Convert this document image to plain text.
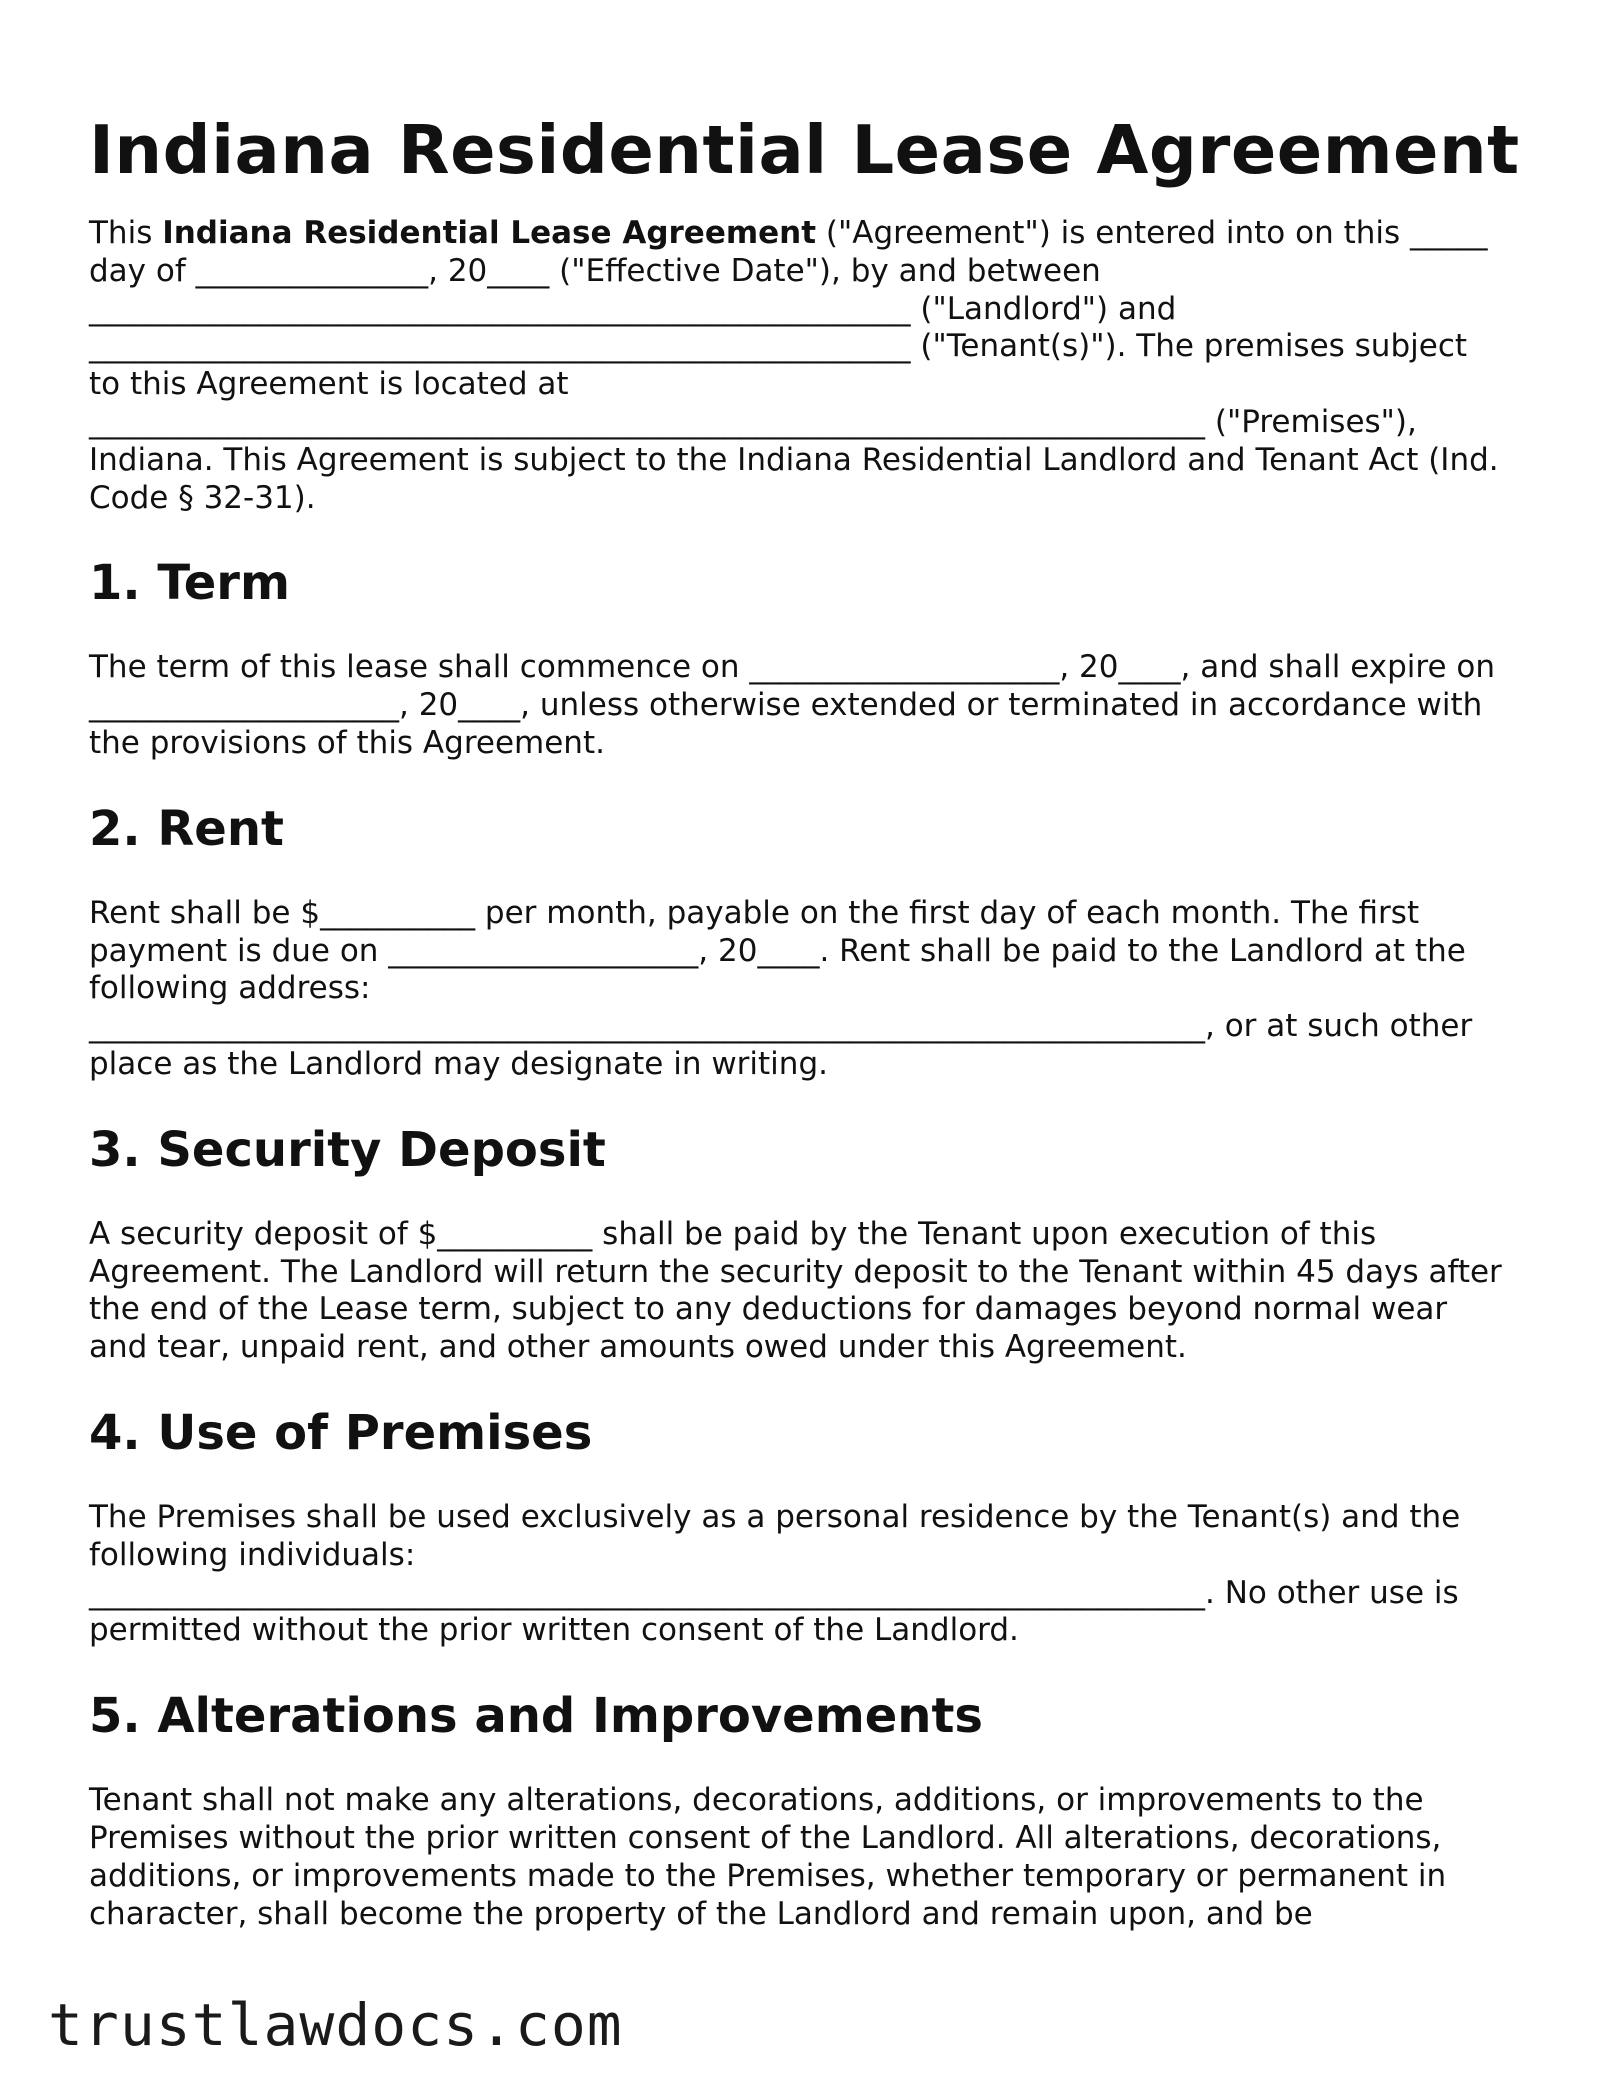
Indiana Residential Lease Agreement

This Indiana Residential Lease Agreement ("Agreement") is entered into on this _____
day of _______________, 20____ ("Effective Date"), by and between
_____________________________________________________ ("Landlord") and
_____________________________________________________ ("Tenant(s)"). The premises subject
to this Agreement is located at
________________________________________________________________________ ("Premises"),
Indiana. This Agreement is subject to the Indiana Residential Landlord and Tenant Act (Ind.
Code § 32-31).

1. Term

The term of this lease shall commence on ____________________, 20____, and shall expire on
____________________, 20____, unless otherwise extended or terminated in accordance with
the provisions of this Agreement.

2. Rent

Rent shall be $__________ per month, payable on the first day of each month. The first
payment is due on ____________________, 20____. Rent shall be paid to the Landlord at the
following address:
________________________________________________________________________, or at such other
place as the Landlord may designate in writing.

3. Security Deposit

A security deposit of $__________ shall be paid by the Tenant upon execution of this
Agreement. The Landlord will return the security deposit to the Tenant within 45 days after
the end of the Lease term, subject to any deductions for damages beyond normal wear
and tear, unpaid rent, and other amounts owed under this Agreement.

4. Use of Premises

The Premises shall be used exclusively as a personal residence by the Tenant(s) and the
following individuals:
________________________________________________________________________. No other use is
permitted without the prior written consent of the Landlord.

5. Alterations and Improvements

Tenant shall not make any alterations, decorations, additions, or improvements to the
Premises without the prior written consent of the Landlord. All alterations, decorations,
additions, or improvements made to the Premises, whether temporary or permanent in
character, shall become the property of the Landlord and remain upon, and be

trustlawdocs.com
